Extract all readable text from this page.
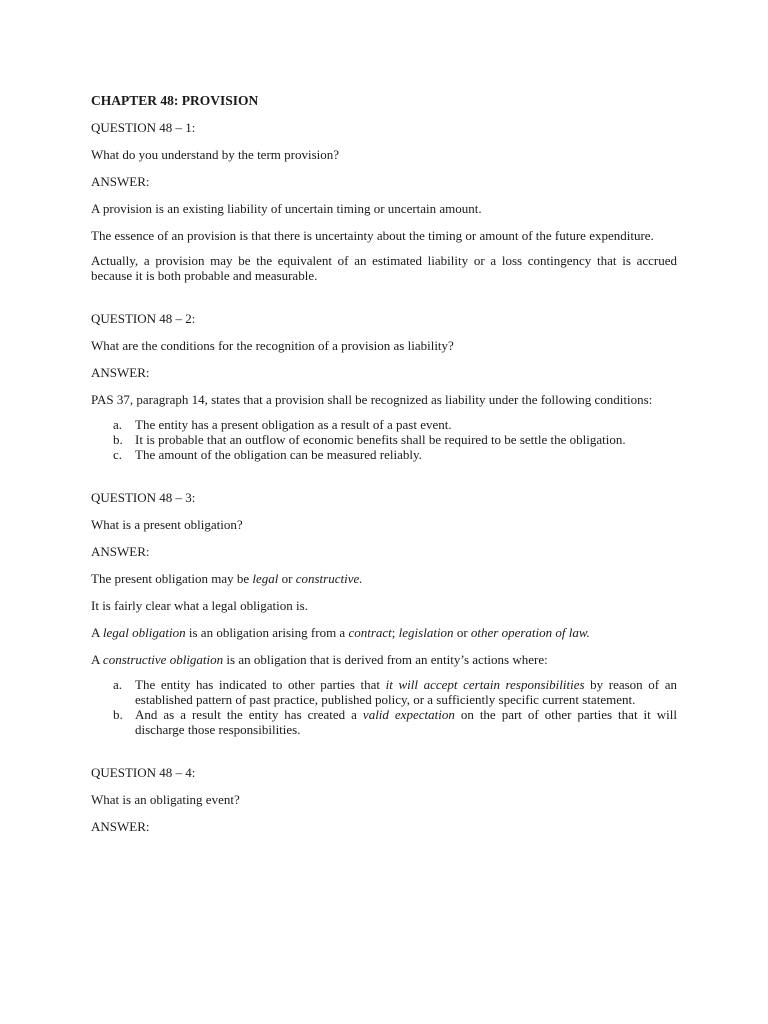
CHAPTER 48: PROVISION

QUESTION 48 – 1:

What do you understand by the term provision?

ANSWER:

A provision is an existing liability of uncertain timing or uncertain amount.

The essence of an provision is that there is uncertainty about the timing or amount of the future expenditure.

Actually, a provision may be the equivalent of an estimated liability or a loss contingency that is accrued because it is both probable and measurable.

QUESTION 48 – 2:

What are the conditions for the recognition of a provision as liability?

ANSWER:

PAS 37, paragraph 14, states that a provision shall be recognized as liability under the following conditions:

a. The entity has a present obligation as a result of a past event.
b. It is probable that an outflow of economic benefits shall be required to be settle the obligation.
c. The amount of the obligation can be measured reliably.

QUESTION 48 – 3:

What is a present obligation?

ANSWER:

The present obligation may be legal or constructive.

It is fairly clear what a legal obligation is.

A legal obligation is an obligation arising from a contract; legislation or other operation of law.

A constructive obligation is an obligation that is derived from an entity’s actions where:

a. The entity has indicated to other parties that it will accept certain responsibilities by reason of an established pattern of past practice, published policy, or a sufficiently specific current statement.
b. And as a result the entity has created a valid expectation on the part of other parties that it will discharge those responsibilities.

QUESTION 48 – 4:

What is an obligating event?

ANSWER:
